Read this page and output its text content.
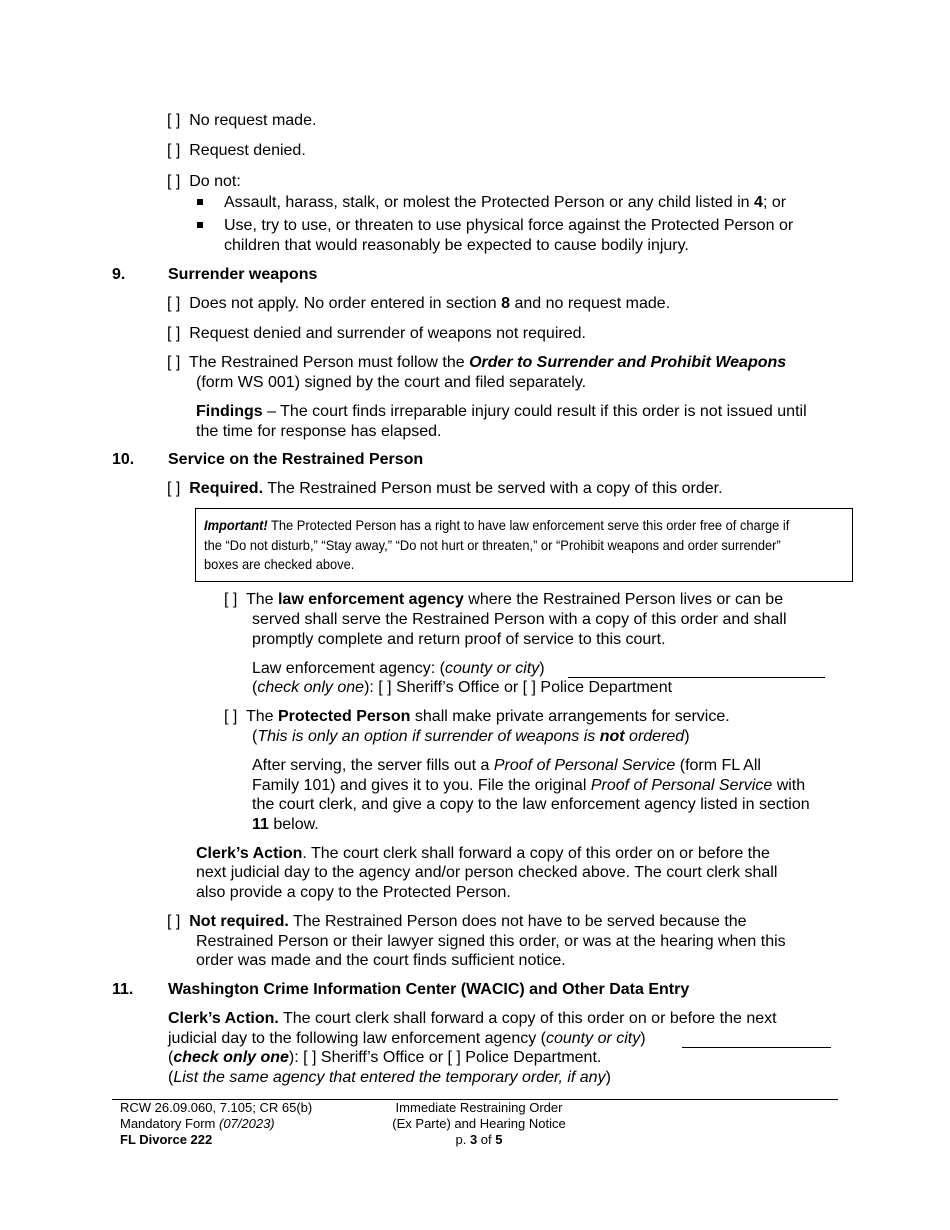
[ ] No request made.
[ ] Request denied.
[ ] Do not:
Assault, harass, stalk, or molest the Protected Person or any child listed in 4; or
Use, try to use, or threaten to use physical force against the Protected Person or
children that would reasonably be expected to cause bodily injury.
9.	Surrender weapons
[ ] Does not apply. No order entered in section 8 and no request made.
[ ] Request denied and surrender of weapons not required.
[ ] The Restrained Person must follow the Order to Surrender and Prohibit Weapons
(form WS 001) signed by the court and filed separately.
Findings – The court finds irreparable injury could result if this order is not issued until
the time for response has elapsed.
10. Service on the Restrained Person
[ ] Required. The Restrained Person must be served with a copy of this order.
Important! The Protected Person has a right to have law enforcement serve this order free of charge if
the “Do not disturb,” “Stay away,” “Do not hurt or threaten,” or “Prohibit weapons and order surrender”
boxes are checked above.
[ ] The law enforcement agency where the Restrained Person lives or can be
served shall serve the Restrained Person with a copy of this order and shall
promptly complete and return proof of service to this court.
Law enforcement agency: (county or city)
(check only one): [ ] Sheriff’s Office or [ ] Police Department
[ ] The Protected Person shall make private arrangements for service.
(This is only an option if surrender of weapons is not ordered)
After serving, the server fills out a Proof of Personal Service (form FL All
Family 101) and gives it to you. File the original Proof of Personal Service with
the court clerk, and give a copy to the law enforcement agency listed in section
11 below.
Clerk’s Action. The court clerk shall forward a copy of this order on or before the
next judicial day to the agency and/or person checked above. The court clerk shall
also provide a copy to the Protected Person.
[ ] Not required. The Restrained Person does not have to be served because the
Restrained Person or their lawyer signed this order, or was at the hearing when this
order was made and the court finds sufficient notice.
11. Washington Crime Information Center (WACIC) and Other Data Entry
Clerk’s Action. The court clerk shall forward a copy of this order on or before the next
judicial day to the following law enforcement agency (county or city)
(check only one): [ ] Sheriff’s Office or [ ] Police Department.
(List the same agency that entered the temporary order, if any)
RCW 26.09.060, 7.105; CR 65(b)
Mandatory Form (07/2023)
FL Divorce 222
Immediate Restraining Order
(Ex Parte) and Hearing Notice
p. 3 of 5
